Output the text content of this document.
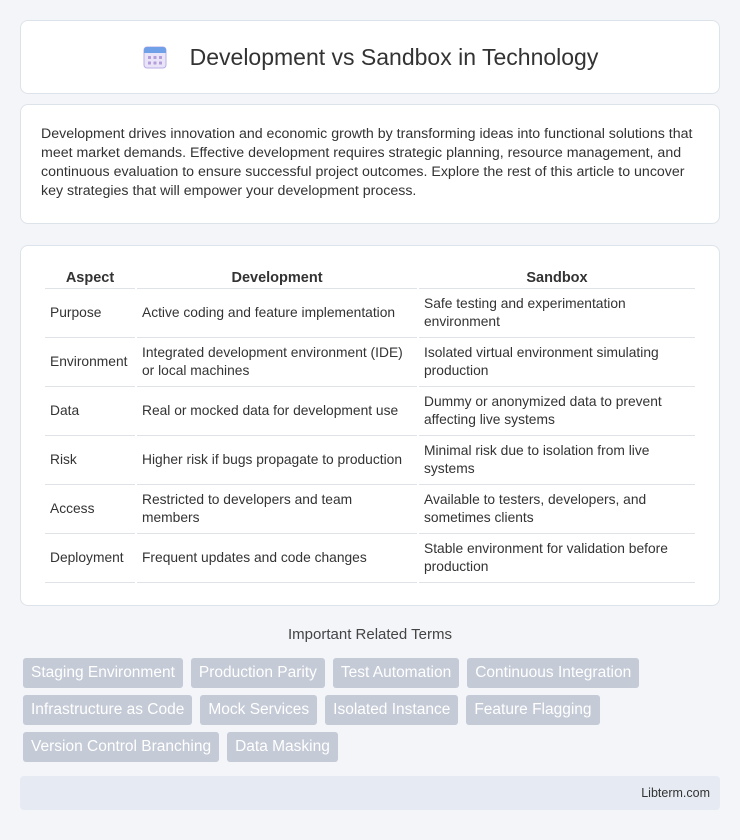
Development vs Sandbox in Technology

Development drives innovation and economic growth by transforming ideas into functional solutions that meet market demands. Effective development requires strategic planning, resource management, and continuous evaluation to ensure successful project outcomes. Explore the rest of this article to uncover key strategies that will empower your development process.

Aspect	Development	Sandbox
Purpose	Active coding and feature implementation	Safe testing and experimentation environment
Environment	Integrated development environment (IDE) or local machines	Isolated virtual environment simulating production
Data	Real or mocked data for development use	Dummy or anonymized data to prevent affecting live systems
Risk	Higher risk if bugs propagate to production	Minimal risk due to isolation from live systems
Access	Restricted to developers and team members	Available to testers, developers, and sometimes clients
Deployment	Frequent updates and code changes	Stable environment for validation before production
Important Related Terms
Staging Environment	Production Parity	Test Automation	Continuous Integration
Infrastructure as Code	Mock Services	Isolated Instance	Feature Flagging
Version Control Branching	Data Masking
Libterm.com
